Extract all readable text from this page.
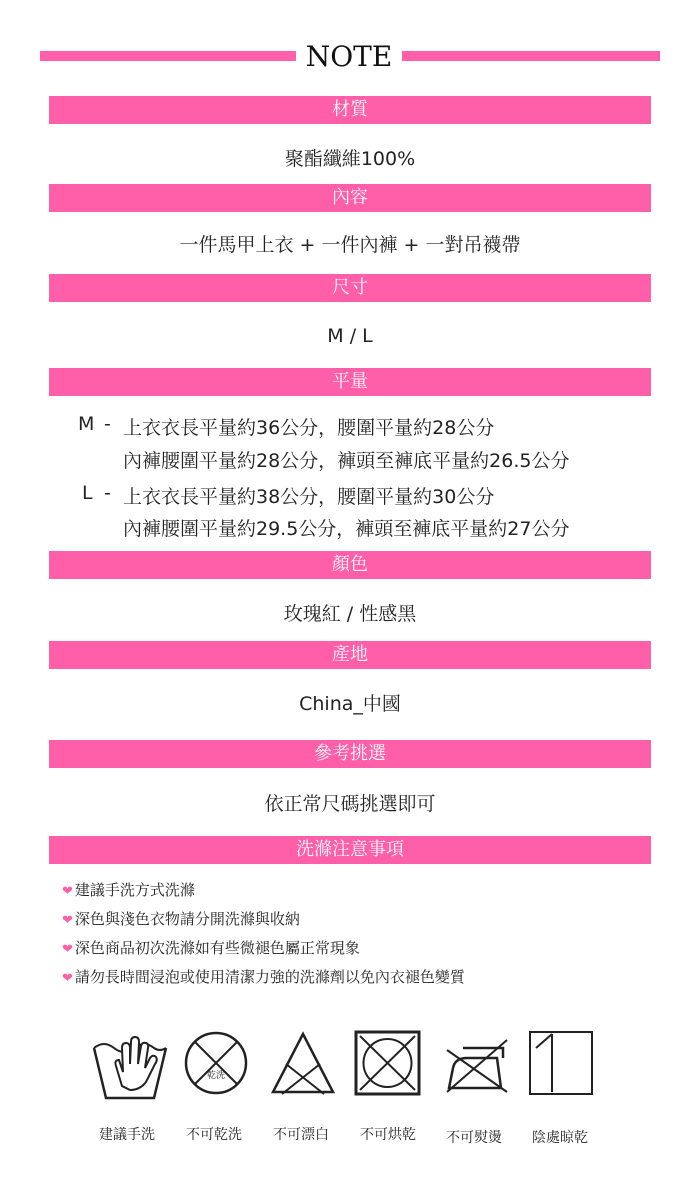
NOTE
材質
聚酯纖維100%
內容
一件馬甲上衣 + 一件內褲 + 一對吊襪帶
尺寸
M / L
平量
M - 上衣衣長平量約36公分，腰圍平量約28公分
內褲腰圍平量約28公分，褲頭至褲底平量約26.5公分
L - 上衣衣長平量約38公分，腰圍平量約30公分
內褲腰圍平量約29.5公分，褲頭至褲底平量約27公分
顏色
玫瑰紅 / 性感黑
產地
China_中國
參考挑選
依正常尺碼挑選即可
洗滌注意事項
❤ 建議手洗方式洗滌
❤ 深色與淺色衣物請分開洗滌與收納
❤ 深色商品初次洗滌如有些微褪色屬正常現象
❤ 請勿長時間浸泡或使用清潔力強的洗滌劑以免內衣褪色變質
乾洗
建議手洗 不可乾洗 不可漂白 不可烘乾 不可熨燙 陰處晾乾
